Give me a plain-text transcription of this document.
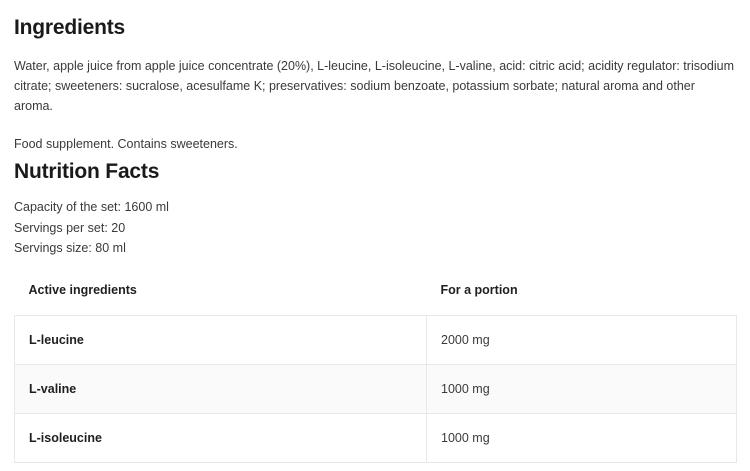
Ingredients

Water, apple juice from apple juice concentrate (20%), L-leucine, L-isoleucine, L-valine, acid: citric acid; acidity regulator: trisodium citrate; sweeteners: sucralose, acesulfame K; preservatives: sodium benzoate, potassium sorbate; natural aroma and other aroma.

Food supplement. Contains sweeteners.

Nutrition Facts
Capacity of the set: 1600 ml
Servings per set: 20
Servings size: 80 ml
Active ingredients	For a portion
L-leucine	2000 mg
L-valine	1000 mg
L-isoleucine	1000 mg
